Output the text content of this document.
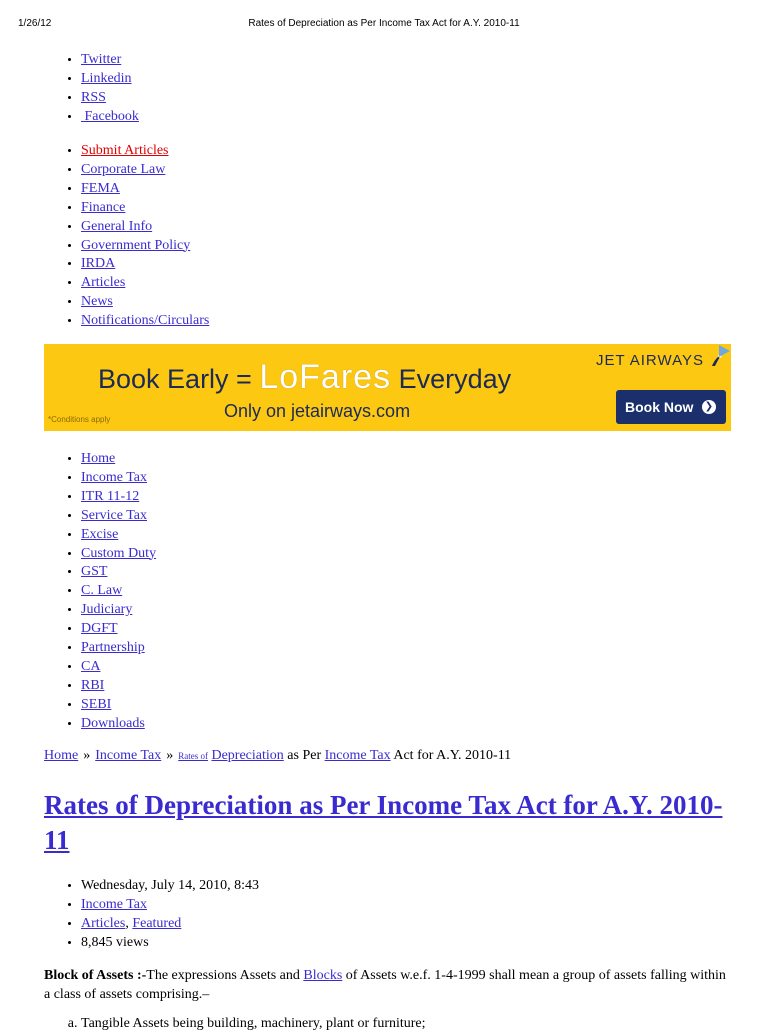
1/26/12	Rates of Depreciation as Per Income Tax Act for A.Y. 2010-11
• Twitter
• Linkedin
• RSS
•  Facebook
• Submit Articles
• Corporate Law
• FEMA
• Finance
• General Info
• Government Policy
• IRDA
• Articles
• News
• Notifications/Circulars
Book Early = LoFares Everyday
Only on jetairways.com
*Conditions apply
JET AIRWAYS
Book Now ❯
• Home
• Income Tax
• ITR 11-12
• Service Tax
• Excise
• Custom Duty
• GST
• C. Law
• Judiciary
• DGFT
• Partnership
• CA
• RBI
• SEBI
• Downloads
Home » Income Tax » Rates of Depreciation as Per Income Tax Act for A.Y. 2010-11
Rates of Depreciation as Per Income Tax Act for A.Y. 2010-11
• Wednesday, July 14, 2010, 8:43
• Income Tax
• Articles, Featured
• 8,845 views
Block of Assets :-The expressions Assets and Blocks of Assets w.e.f. 1-4-1999 shall mean a group of assets falling within a class of assets comprising.–
a. Tangible Assets being building, machinery, plant or furniture;
